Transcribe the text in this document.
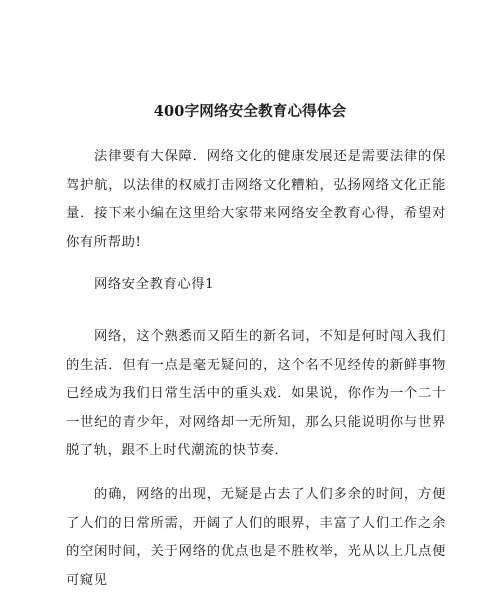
400字网络安全教育心得体会

法律要有大保障．网络文化的健康发展还是需要法律的保驾护航，以法律的权威打击网络文化糟粕，弘扬网络文化正能量．接下来小编在这里给大家带来网络安全教育心得，希望对你有所帮助!

网络安全教育心得1

网络，这个熟悉而又陌生的新名词，不知是何时闯入我们的生活．但有一点是毫无疑问的，这个名不见经传的新鲜事物已经成为我们日常生活中的重头戏．如果说，你作为一个二十一世纪的青少年，对网络却一无所知，那么只能说明你与世界脱了轨，跟不上时代潮流的快节奏．

的确，网络的出现，无疑是占去了人们多余的时间，方便了人们的日常所需，开阔了人们的眼界，丰富了人们工作之余的空闲时间，关于网络的优点也是不胜枚举，光从以上几点便可窥见
